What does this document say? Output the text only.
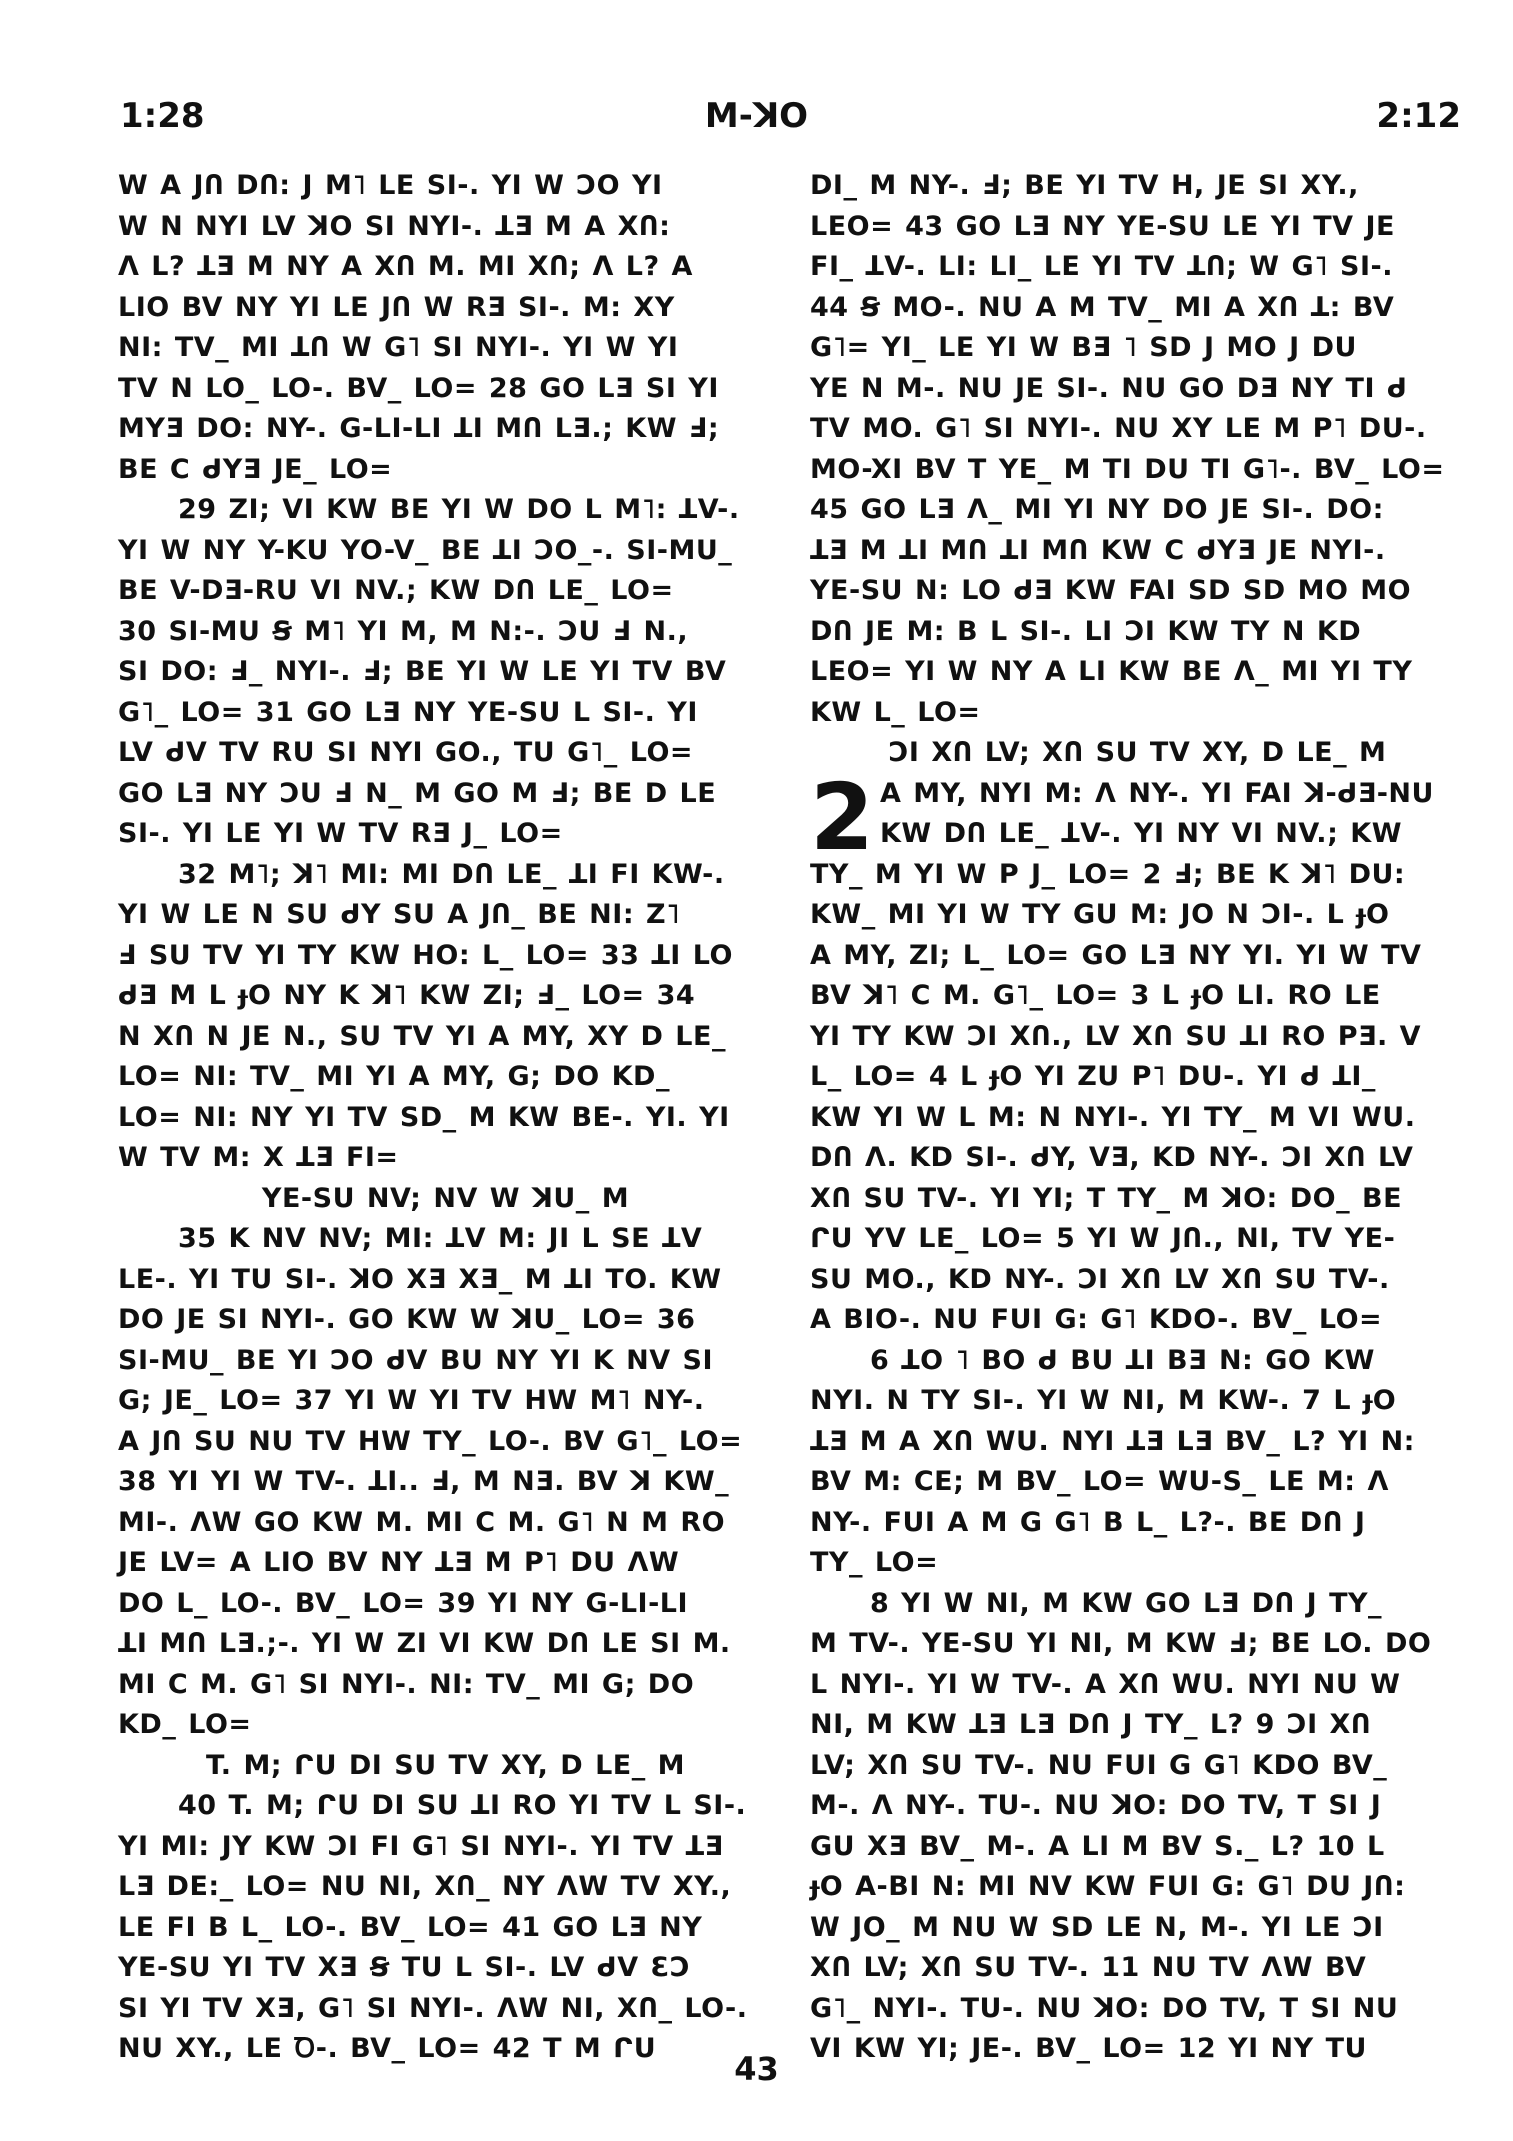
1:28	M-ꓘO	2:12
W A JՈ DՈ: J M˥ LE SI-. YI W ƆO YI
W N NYI LV ꓘO SI NYI-. ꓕƎ M A XՈ:
Λ L? ꓕƎ M NY A XՈ M. MI XՈ; Λ L? A
LIO BV NY YI LE JՈ W RƎ SI-. M: XY
NI: TV_ MI ꓕՈ W G˥ SI NYI-. YI W YI
TV N LO_ LO-. BV_ LO= 28 GO LƎ SI YI
MYƎ DO: NY-. G-LI-LI ꓕI MՈ LƎ.; KW Ⅎ;
BE C ᑯYƎ JE_ LO=
29 ZI; VI KW BE YI W DO L M˥: ꓕV-.
YI W NY Y-KU YO-V_ BE ꓕI ƆO_-. SI-MU_
BE V-DƎ-RU VI NV.; KW DՈ LE_ LO=
30 SI-MU Ꞩ M˥ YI M, M N:-. ƆU Ⅎ N.,
SI DO: Ⅎ_ NYI-. Ⅎ; BE YI W LE YI TV BV
G˥_ LO= 31 GO LƎ NY YE-SU L SI-. YI
LV ᑯV TV RU SI NYI GO., TU G˥_ LO=
GO LƎ NY ƆU Ⅎ N_ M GO M Ⅎ; BE D LE
SI-. YI LE YI W TV RƎ J_ LO=
32 M˥; ꓘ˥ MI: MI DՈ LE_ ꓕI FI KW-.
YI W LE N SU ᑯY SU A JՈ_ BE NI: Z˥
Ⅎ SU TV YI TY KW HO: L_ LO= 33 ꓕI LO
ᑯƎ M L ɟO NY K ꓘ˥ KW ZI; Ⅎ_ LO= 34
N XՈ N JE N., SU TV YI A MY, XY D LE_
LO= NI: TV_ MI YI A MY, G; DO KD_
LO= NI: NY YI TV SD_ M KW BE-. YI. YI
W TV M: X ꓕƎ FI=
YE-SU NV; NV W ꓘU_ M
35 K NV NV; MI: ꓕV M: JI L SE ꓕV
LE-. YI TU SI-. ꓘO XƎ XƎ_ M ꓕI TO. KW
DO JE SI NYI-. GO KW W ꓘU_ LO= 36
SI-MU_ BE YI ƆO ᑯV BU NY YI K NV SI
G; JE_ LO= 37 YI W YI TV HW M˥ NY-.
A JՈ SU NU TV HW TY_ LO-. BV G˥_ LO=
38 YI YI W TV-. ꓕI.. Ⅎ, M NƎ. BV ꓘ KW_
MI-. ΛW GO KW M. MI C M. G˥ N M RO
JE LV= A LIO BV NY ꓕƎ M P˥ DU ΛW
DO L_ LO-. BV_ LO= 39 YI NY G-LI-LI
ꓕI MՈ LƎ.;-. YI W ZI VI KW DՈ LE SI M.
MI C M. G˥ SI NYI-. NI: TV_ MI G; DO
KD_ LO=
T. M; ᒋU DI SU TV XY, D LE_ M
40 T. M; ᒋU DI SU ꓕI RO YI TV L SI-.
YI MI: JY KW ƆI FI G˥ SI NYI-. YI TV ꓕƎ
LƎ DE:_ LO= NU NI, XՈ_ NY ΛW TV XY.,
LE FI B L_ LO-. BV_ LO= 41 GO LƎ NY
YE-SU YI TV XƎ Ꞩ TU L SI-. LV ᑯV ƐƆ
SI YI TV XƎ, G˥ SI NYI-. ΛW NI, XՈ_ LO-.
NU XY., LE Ꝺ-. BV_ LO= 42 T M ᒋU
DI_ M NY-. Ⅎ; BE YI TV H, JE SI XY.,
LEO= 43 GO LƎ NY YE-SU LE YI TV JE
FI_ ꓕV-. LI: LI_ LE YI TV ꓕՈ; W G˥ SI-.
44 Ꞩ MO-. NU A M TV_ MI A XՈ ꓕ: BV
G˥= YI_ LE YI W BƎ ˥ SD J MO J DU
YE N M-. NU JE SI-. NU GO DƎ NY TI ᑯ
TV MO. G˥ SI NYI-. NU XY LE M P˥ DU-.
MO-XI BV T YE_ M TI DU TI G˥-. BV_ LO=
45 GO LƎ Λ_ MI YI NY DO JE SI-. DO:
ꓕƎ M ꓕI MՈ ꓕI MՈ KW C ᑯYƎ JE NYI-.
YE-SU N: LO ᑯƎ KW FAI SD SD MO MO
DՈ JE M: B L SI-. LI ƆI KW TY N KD
LEO= YI W NY A LI KW BE Λ_ MI YI TY
KW L_ LO=
ƆI XՈ LV; XՈ SU TV XY, D LE_ M
2 A MY, NYI M: Λ NY-. YI FAI ꓘ-ᑯƎ-NU
KW DՈ LE_ ꓕV-. YI NY VI NV.; KW
TY_ M YI W P J_ LO= 2 Ⅎ; BE K ꓘ˥ DU:
KW_ MI YI W TY GU M: JO N ƆI-. L ɟO
A MY, ZI; L_ LO= GO LƎ NY YI. YI W TV
BV ꓘ˥ C M. G˥_ LO= 3 L ɟO LI. RO LE
YI TY KW ƆI XՈ., LV XՈ SU ꓕI RO PƎ. V
L_ LO= 4 L ɟO YI ZU P˥ DU-. YI ᑯ ꓕI_
KW YI W L M: N NYI-. YI TY_ M VI WU.
DՈ Λ. KD SI-. ᑯY, VƎ, KD NY-. ƆI XՈ LV
XՈ SU TV-. YI YI; T TY_ M ꓘO: DO_ BE
ᒋU YV LE_ LO= 5 YI W JՈ., NI, TV YE-
SU MO., KD NY-. ƆI XՈ LV XՈ SU TV-.
A BIO-. NU FUI G: G˥ KDO-. BV_ LO=
6 ꓕO ˥ BO ᑯ BU ꓕI BƎ N: GO KW
NYI. N TY SI-. YI W NI, M KW-. 7 L ɟO
ꓕƎ M A XՈ WU. NYI ꓕƎ LƎ BV_ L? YI N:
BV M: CE; M BV_ LO= WU-S_ LE M: Λ
NY-. FUI A M G G˥ B L_ L?-. BE DՈ J
TY_ LO=
8 YI W NI, M KW GO LƎ DՈ J TY_
M TV-. YE-SU YI NI, M KW Ⅎ; BE LO. DO
L NYI-. YI W TV-. A XՈ WU. NYI NU W
NI, M KW ꓕƎ LƎ DՈ J TY_ L? 9 ƆI XՈ
LV; XՈ SU TV-. NU FUI G G˥ KDO BV_
M-. Λ NY-. TU-. NU ꓘO: DO TV, T SI J
GU XƎ BV_ M-. A LI M BV S._ L? 10 L
ɟO A-BI N: MI NV KW FUI G: G˥ DU JՈ:
W JO_ M NU W SD LE N, M-. YI LE ƆI
XՈ LV; XՈ SU TV-. 11 NU TV ΛW BV
G˥_ NYI-. TU-. NU ꓘO: DO TV, T SI NU
VI KW YI; JE-. BV_ LO= 12 YI NY TU
43
